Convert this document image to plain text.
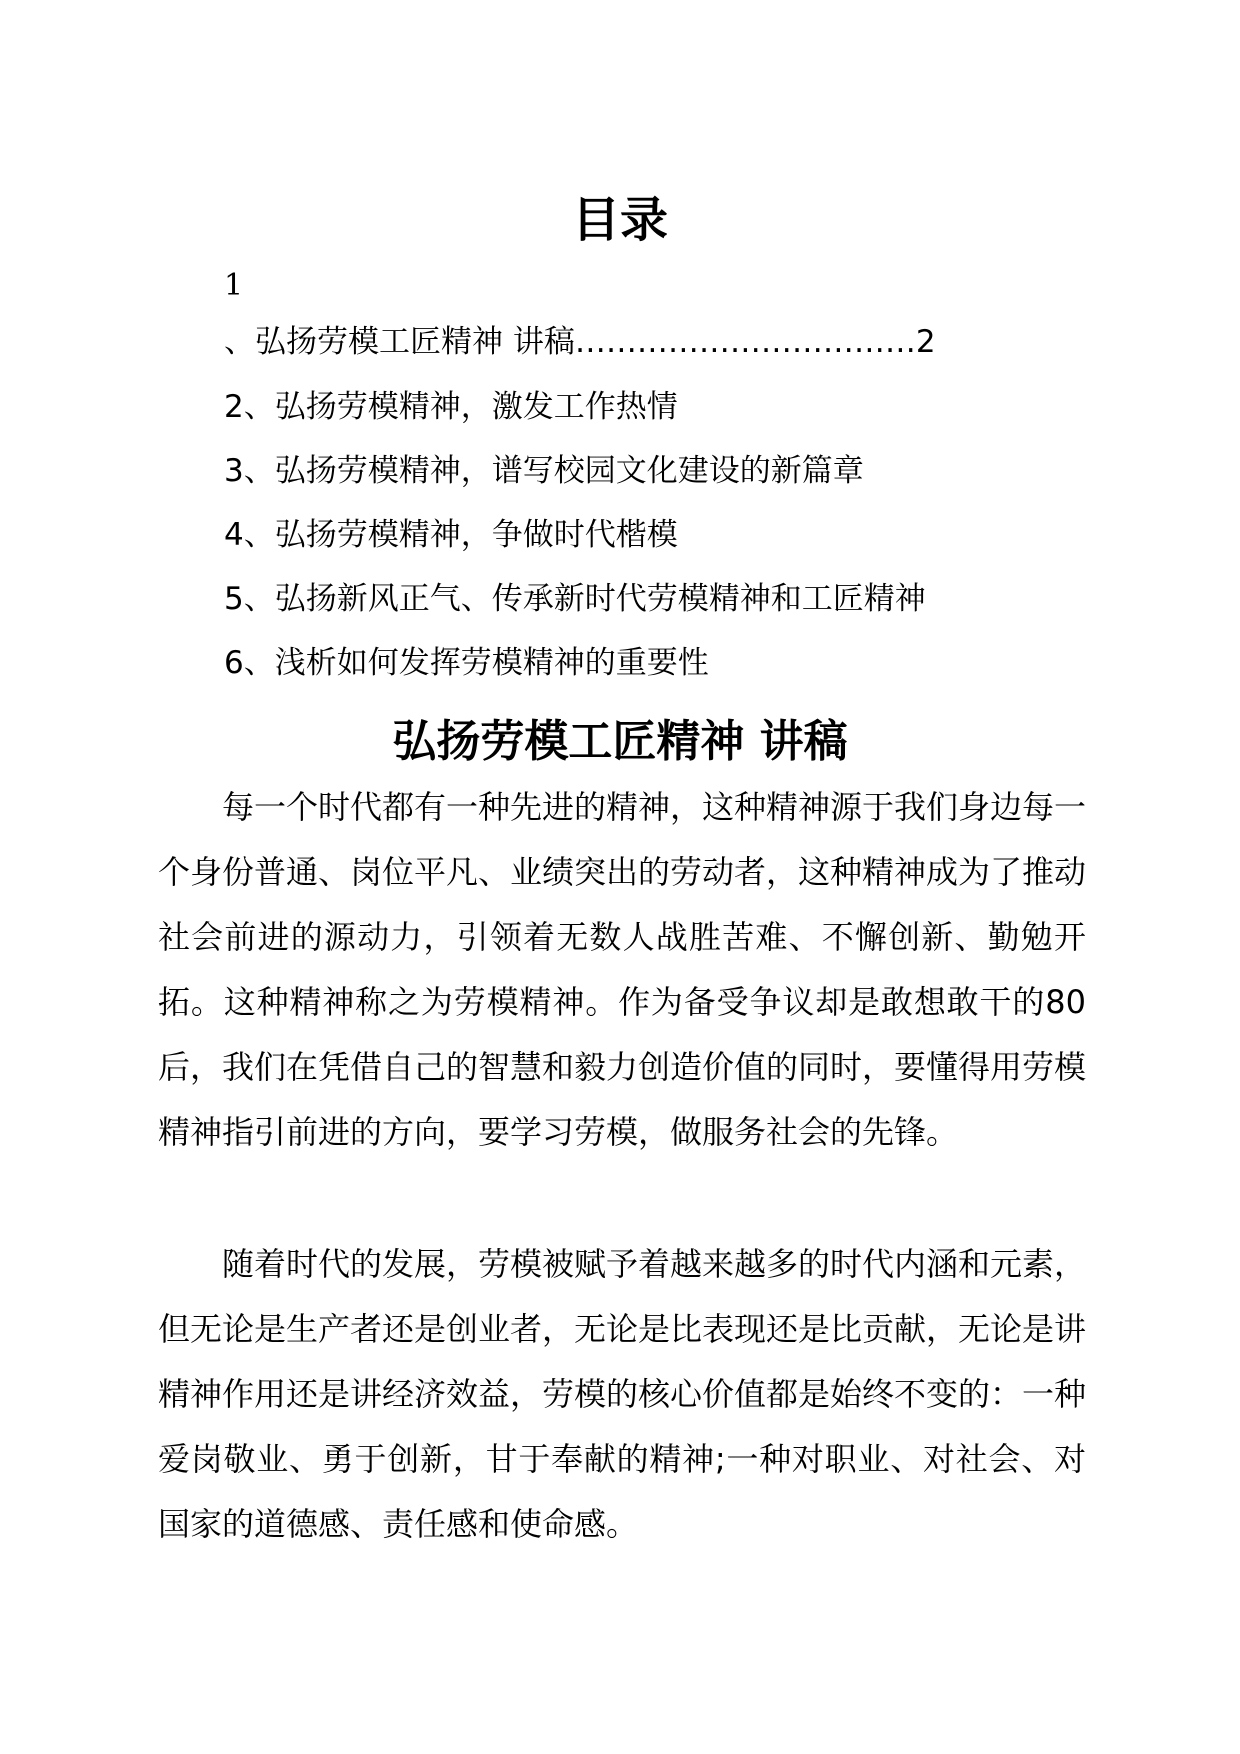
目录
1
、弘扬劳模工匠精神 讲稿……………………………2
2、弘扬劳模精神，激发工作热情
3、弘扬劳模精神，谱写校园文化建设的新篇章
4、弘扬劳模精神，争做时代楷模
5、弘扬新风正气、传承新时代劳模精神和工匠精神
6、浅析如何发挥劳模精神的重要性
弘扬劳模工匠精神 讲稿

每一个时代都有一种先进的精神，这种精神源于我们身边每一个身份普通、岗位平凡、业绩突出的劳动者，这种精神成为了推动社会前进的源动力，引领着无数人战胜苦难、不懈创新、勤勉开拓。这种精神称之为劳模精神。作为备受争议却是敢想敢干的80后，我们在凭借自己的智慧和毅力创造价值的同时，要懂得用劳模精神指引前进的方向，要学习劳模，做服务社会的先锋。

随着时代的发展，劳模被赋予着越来越多的时代内涵和元素，但无论是生产者还是创业者，无论是比表现还是比贡献，无论是讲精神作用还是讲经济效益，劳模的核心价值都是始终不变的：一种爱岗敬业、勇于创新，甘于奉献的精神;一种对职业、对社会、对国家的道德感、责任感和使命感。
